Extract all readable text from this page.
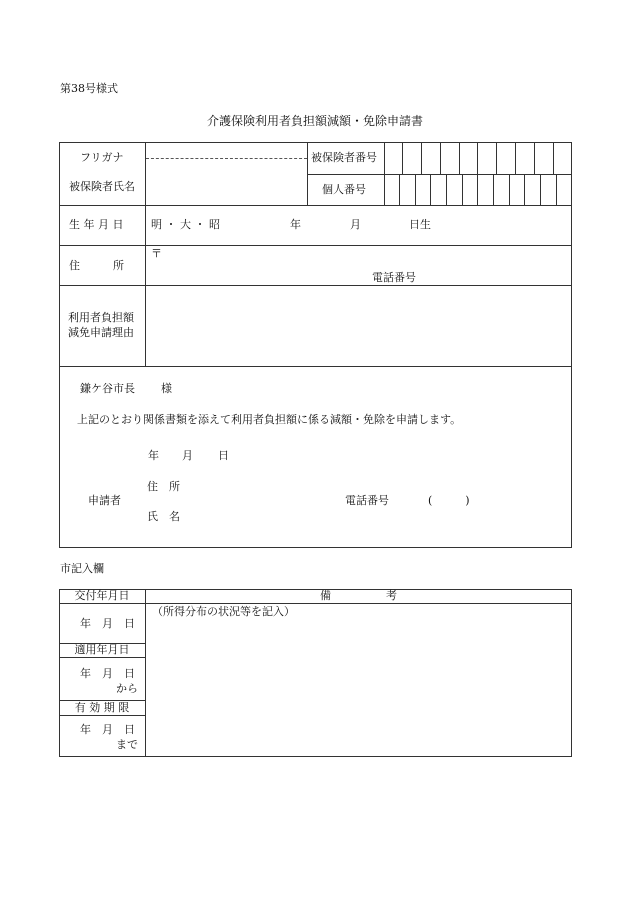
第38号様式
介護保険利用者負担額減額・免除申請書
フリガナ
被保険者氏名
被保険者番号
個人番号
生 年 月 日	明 ・ 大 ・ 昭	年	月	日生
住　　　所
〒
電話番号
利用者負担額
減免申請理由
鎌ケ谷市長 様
上記のとおり関係書類を添えて利用者負担額に係る減額・免除を申請します。
年 月 日
住　所
申請者
氏　名
電話番号	(　　　)
市記入欄
交付年月日	備　　　　　考
（所得分布の状況等を記入）
年　月　日
適用年月日
年　月　日
から
有 効 期 限
年　月　日
まで
